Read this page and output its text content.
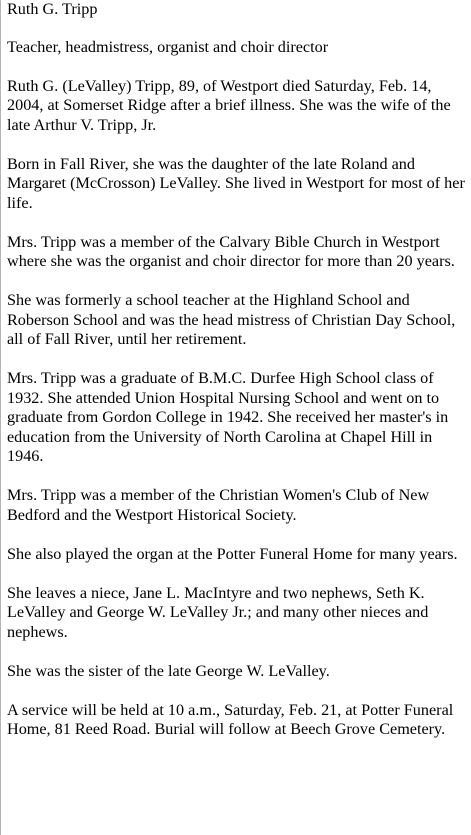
Ruth G. Tripp

Teacher, headmistress, organist and choir director

Ruth G. (LeValley) Tripp, 89, of Westport died Saturday, Feb. 14, 2004, at Somerset Ridge after a brief illness. She was the wife of the late Arthur V. Tripp, Jr.

Born in Fall River, she was the daughter of the late Roland and Margaret (McCrosson) LeValley. She lived in Westport for most of her life.

Mrs. Tripp was a member of the Calvary Bible Church in Westport where she was the organist and choir director for more than 20 years.

She was formerly a school teacher at the Highland School and Roberson School and was the head mistress of Christian Day School, all of Fall River, until her retirement.

Mrs. Tripp was a graduate of B.M.C. Durfee High School class of 1932. She attended Union Hospital Nursing School and went on to graduate from Gordon College in 1942. She received her master's in education from the University of North Carolina at Chapel Hill in 1946.

Mrs. Tripp was a member of the Christian Women's Club of New Bedford and the Westport Historical Society.

She also played the organ at the Potter Funeral Home for many years.

She leaves a niece, Jane L. MacIntyre and two nephews, Seth K. LeValley and George W. LeValley Jr.; and many other nieces and nephews.

She was the sister of the late George W. LeValley.

A service will be held at 10 a.m., Saturday, Feb. 21, at Potter Funeral Home, 81 Reed Road. Burial will follow at Beech Grove Cemetery.
